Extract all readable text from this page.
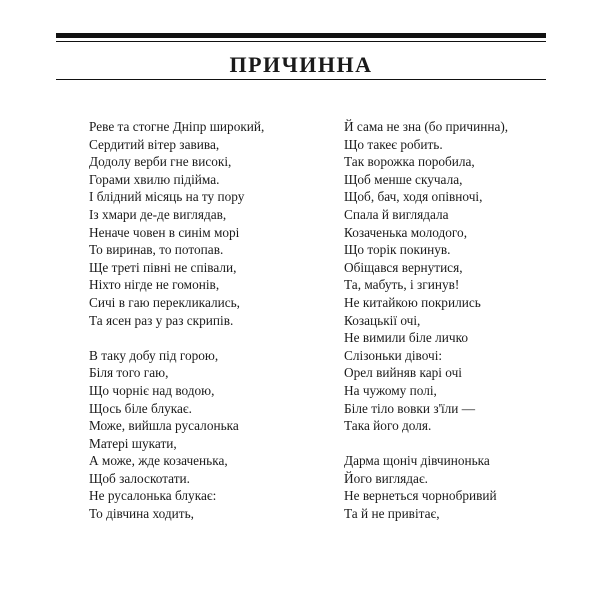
ПРИЧИННА
Реве та стогне Дніпр широкий,
Сердитий вітер завива,
Додолу верби гне високі,
Горами хвилю підійма.
І блідний місяць на ту пору
Із хмари де-де виглядав,
Неначе човен в синім морі
То виринав, то потопав.
Ще треті півні не співали,
Ніхто нігде не гомонів,
Сичі в гаю перекликались,
Та ясен раз у раз скрипів.
В таку добу під горою,
Біля того гаю,
Що чорніє над водою,
Щось біле блукає.
Може, вийшла русалонька
Матері шукати,
А може, жде козаченька,
Щоб залоскотати.
Не русалонька блукає:
То дівчина ходить,
Й сама не зна (бо причинна),
Що такеє робить.
Так ворожка поробила,
Щоб менше скучала,
Щоб, бач, ходя опівночі,
Спала й виглядала
Козаченька молодого,
Що торік покинув.
Обіщався вернутися,
Та, мабуть, і згинув!
Не китайкою покрились
Козацькії очі,
Не вимили біле личко
Слізоньки дівочі:
Орел вийняв карі очі
На чужому полі,
Біле тіло вовки з'їли —
Така його доля.
Дарма щоніч дівчинонька
Його виглядає.
Не вернеться чорнобривий
Та й не привітає,
